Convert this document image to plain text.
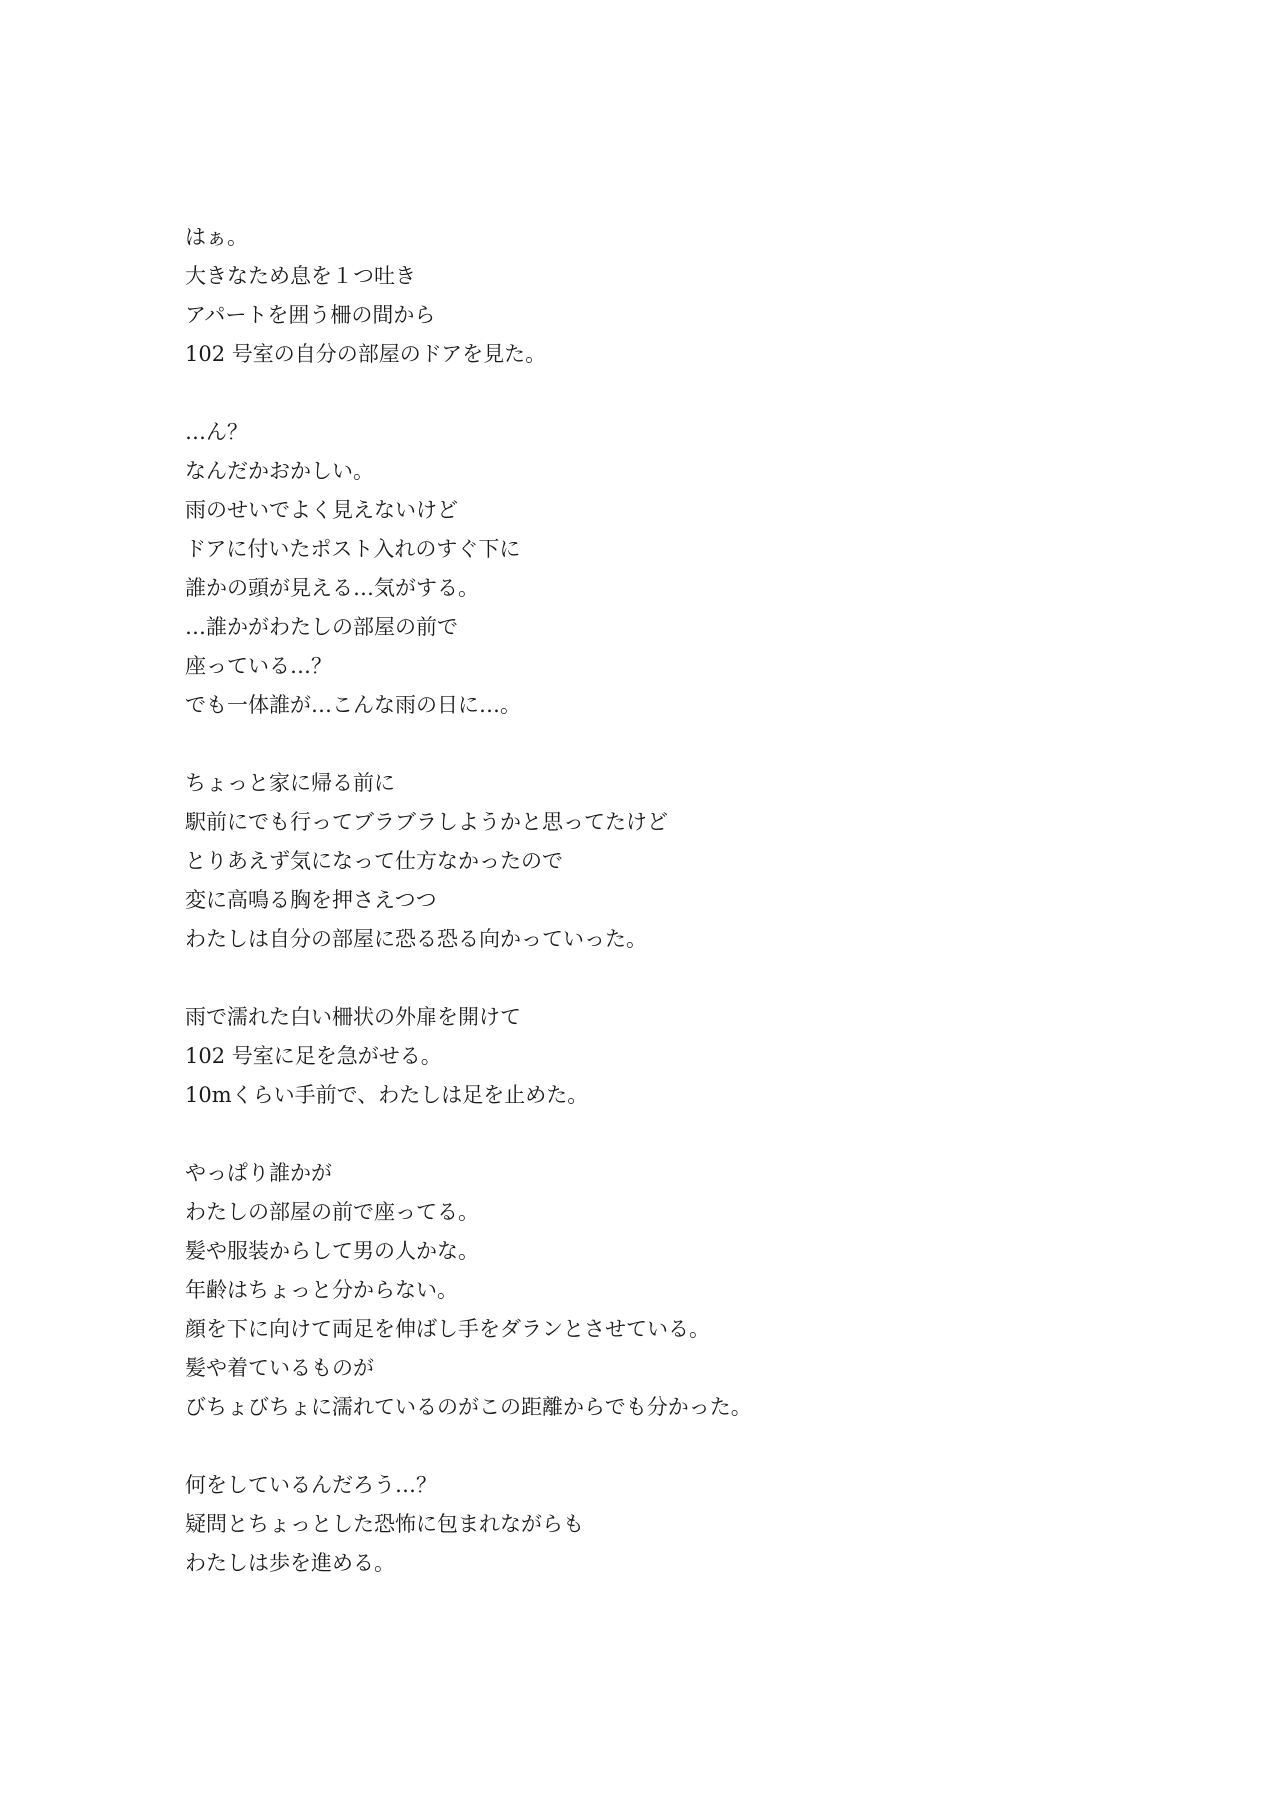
はぁ。
大きなため息を１つ吐き
アパートを囲う柵の間から
102 号室の自分の部屋のドアを見た。
…ん？
なんだかおかしい。
雨のせいでよく見えないけど
ドアに付いたポスト入れのすぐ下に
誰かの頭が見える…気がする。
…誰かがわたしの部屋の前で
座っている…？
でも一体誰が…こんな雨の日に…。
ちょっと家に帰る前に
駅前にでも行ってブラブラしようかと思ってたけど
とりあえず気になって仕方なかったので
変に高鳴る胸を押さえつつ
わたしは自分の部屋に恐る恐る向かっていった。
雨で濡れた白い柵状の外扉を開けて
102 号室に足を急がせる。
10mくらい手前で、わたしは足を止めた。
やっぱり誰かが
わたしの部屋の前で座ってる。
髪や服装からして男の人かな。
年齢はちょっと分からない。
顔を下に向けて両足を伸ばし手をダランとさせている。
髪や着ているものが
びちょびちょに濡れているのがこの距離からでも分かった。
何をしているんだろう…？
疑問とちょっとした恐怖に包まれながらも
わたしは歩を進める。
